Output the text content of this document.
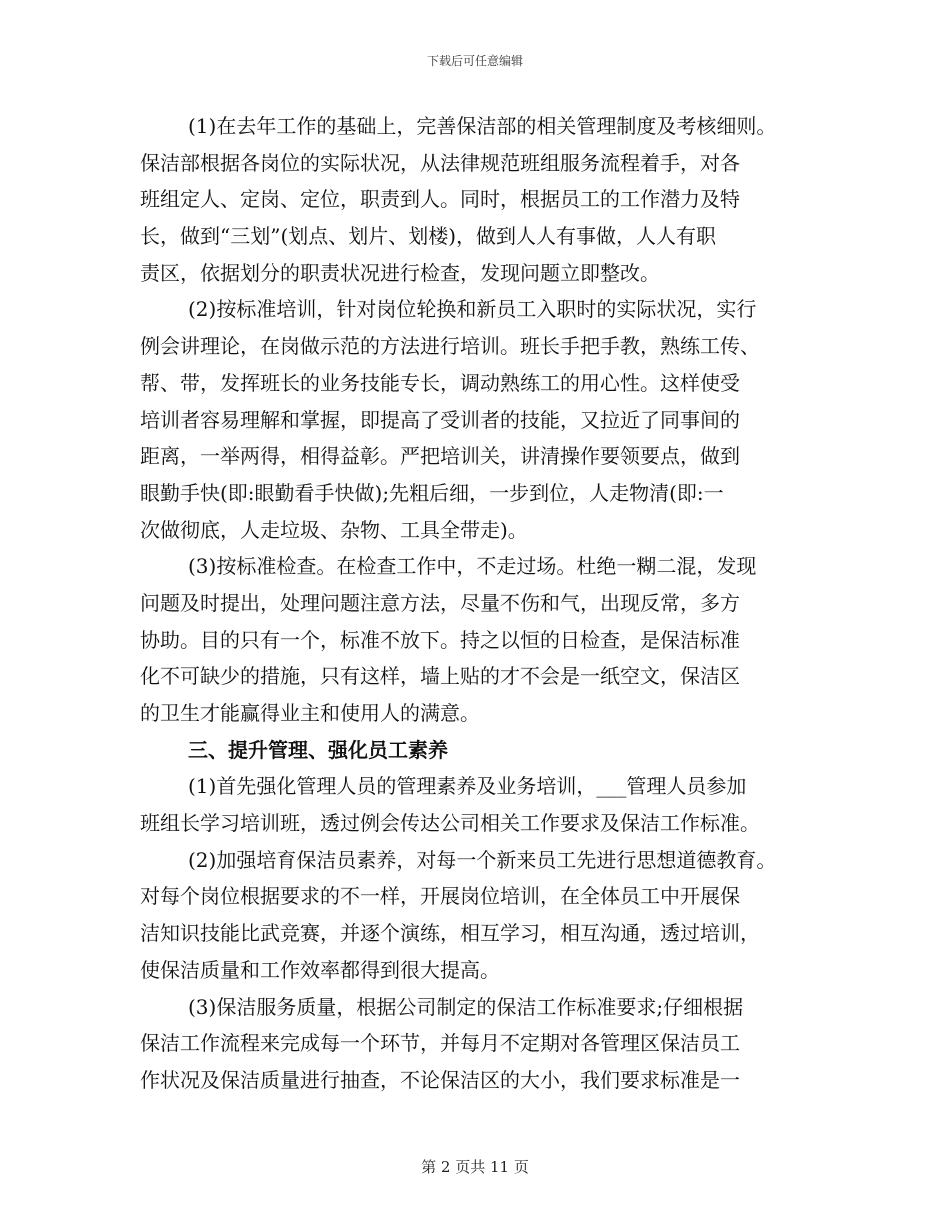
下载后可任意编辑
(1)在去年工作的基础上，完善保洁部的相关管理制度及考核细则。
保洁部根据各岗位的实际状况，从法律规范班组服务流程着手，对各
班组定人、定岗、定位，职责到人。同时，根据员工的工作潜力及特
长，做到“三划”(划点、划片、划楼)，做到人人有事做，人人有职
责区，依据划分的职责状况进行检查，发现问题立即整改。
(2)按标准培训，针对岗位轮换和新员工入职时的实际状况，实行
例会讲理论，在岗做示范的方法进行培训。班长手把手教，熟练工传、
帮、带，发挥班长的业务技能专长，调动熟练工的用心性。这样使受
培训者容易理解和掌握，即提高了受训者的技能，又拉近了同事间的
距离，一举两得，相得益彰。严把培训关，讲清操作要领要点，做到
眼勤手快(即:眼勤看手快做);先粗后细，一步到位，人走物清(即:一
次做彻底，人走垃圾、杂物、工具全带走)。
(3)按标准检查。在检查工作中，不走过场。杜绝一糊二混，发现
问题及时提出，处理问题注意方法，尽量不伤和气，出现反常，多方
协助。目的只有一个，标准不放下。持之以恒的日检查，是保洁标准
化不可缺少的措施，只有这样，墙上贴的才不会是一纸空文，保洁区
的卫生才能赢得业主和使用人的满意。
三、提升管理、强化员工素养
(1)首先强化管理人员的管理素养及业务培训，___管理人员参加
班组长学习培训班，透过例会传达公司相关工作要求及保洁工作标准。
(2)加强培育保洁员素养，对每一个新来员工先进行思想道德教育。
对每个岗位根据要求的不一样，开展岗位培训，在全体员工中开展保
洁知识技能比武竞赛，并逐个演练，相互学习，相互沟通，透过培训，
使保洁质量和工作效率都得到很大提高。
(3)保洁服务质量，根据公司制定的保洁工作标准要求;仔细根据
保洁工作流程来完成每一个环节，并每月不定期对各管理区保洁员工
作状况及保洁质量进行抽查，不论保洁区的大小，我们要求标准是一
第 2 页共 11 页
